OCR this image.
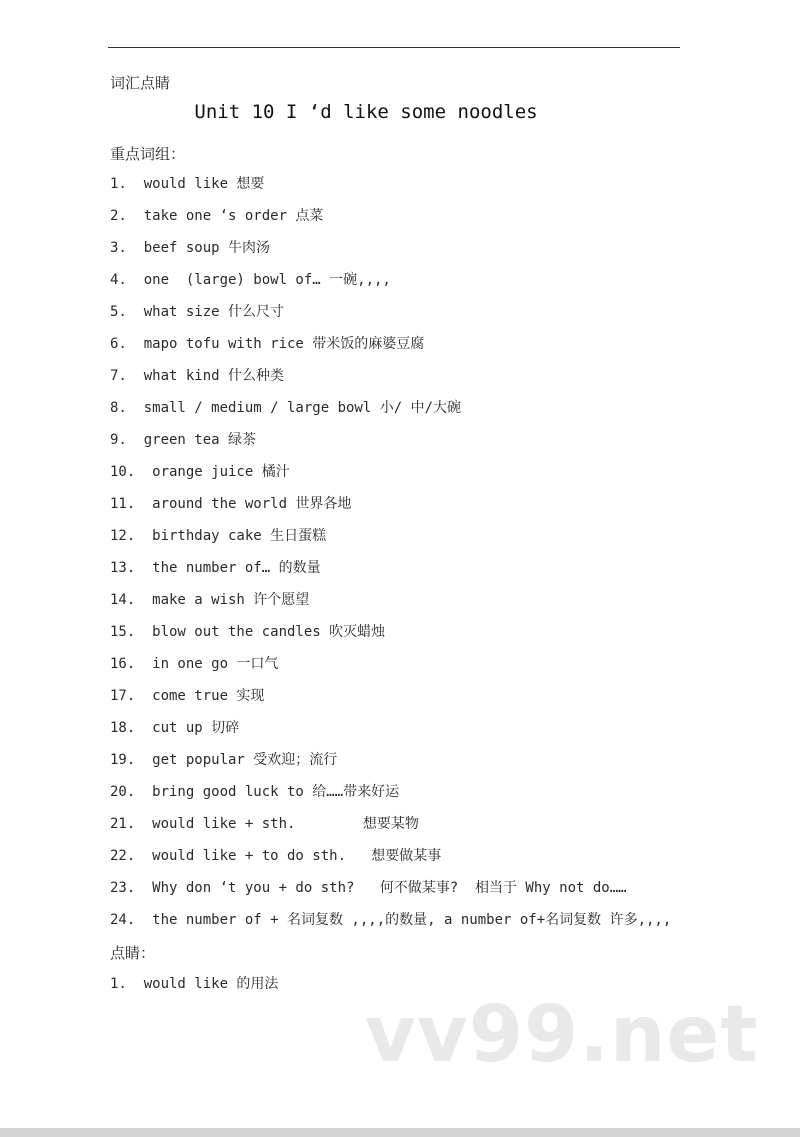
词汇点睛
Unit 10 I ‘d like some noodles
重点词组：
1.  would like 想要
2.  take one ‘s order 点菜
3.  beef soup 牛肉汤
4.  one  (large) bowl of… 一碗,,,,
5.  what size 什么尺寸
6.  mapo tofu with rice 带米饭的麻婆豆腐
7.  what kind 什么种类
8.  small / medium / large bowl 小/ 中/大碗
9.  green tea 绿茶
10.  orange juice 橘汁
11.  around the world 世界各地
12.  birthday cake 生日蛋糕
13.  the number of… 的数量
14.  make a wish 许个愿望
15.  blow out the candles 吹灭蜡烛
16.  in one go 一口气
17.  come true 实现
18.  cut up 切碎
19.  get popular 受欢迎；流行
20.  bring good luck to 给……带来好运
21.  would like + sth.        想要某物
22.  would like + to do sth.   想要做某事
23.  Why don ‘t you + do sth?   何不做某事?  相当于 Why not do……
24.  the number of + 名词复数 ,,,,的数量, a number of+名词复数 许多,,,,
点睛：
1.  would like 的用法
vv99.net
